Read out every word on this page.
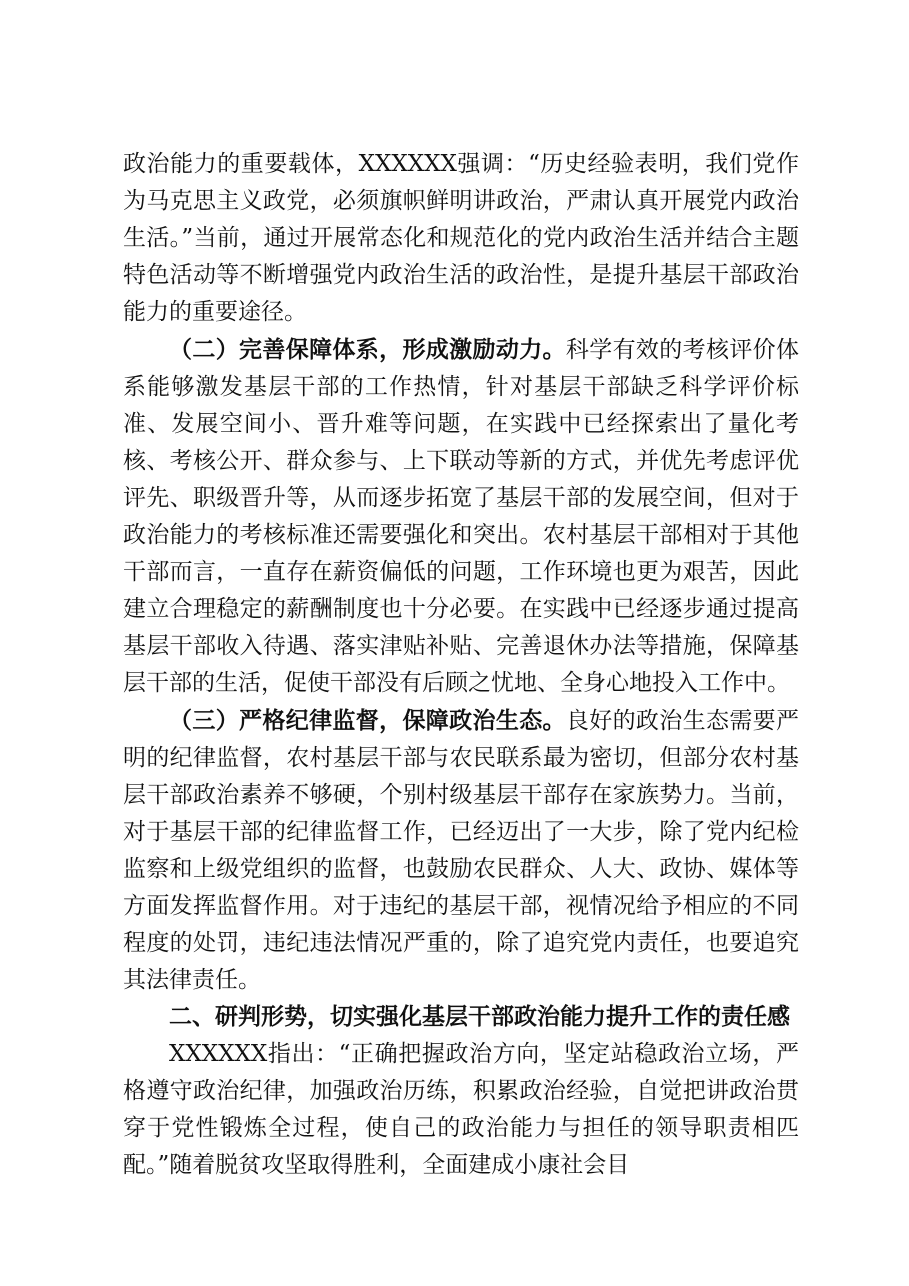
政治能力的重要载体，XXXXXX强调：“历史经验表明，我们党作为马克思主义政党，必须旗帜鲜明讲政治，严肃认真开展党内政治生活。”当前，通过开展常态化和规范化的党内政治生活并结合主题特色活动等不断增强党内政治生活的政治性，是提升基层干部政治能力的重要途径。

（二）完善保障体系，形成激励动力。科学有效的考核评价体系能够激发基层干部的工作热情，针对基层干部缺乏科学评价标准、发展空间小、晋升难等问题，在实践中已经探索出了量化考核、考核公开、群众参与、上下联动等新的方式，并优先考虑评优评先、职级晋升等，从而逐步拓宽了基层干部的发展空间，但对于政治能力的考核标准还需要强化和突出。农村基层干部相对于其他干部而言，一直存在薪资偏低的问题，工作环境也更为艰苦，因此建立合理稳定的薪酬制度也十分必要。在实践中已经逐步通过提高基层干部收入待遇、落实津贴补贴、完善退休办法等措施，保障基层干部的生活，促使干部没有后顾之忧地、全身心地投入工作中。

（三）严格纪律监督，保障政治生态。良好的政治生态需要严明的纪律监督，农村基层干部与农民联系最为密切，但部分农村基层干部政治素养不够硬，个别村级基层干部存在家族势力。当前，对于基层干部的纪律监督工作，已经迈出了一大步，除了党内纪检监察和上级党组织的监督，也鼓励农民群众、人大、政协、媒体等方面发挥监督作用。对于违纪的基层干部，视情况给予相应的不同程度的处罚，违纪违法情况严重的，除了追究党内责任，也要追究其法律责任。

二、研判形势，切实强化基层干部政治能力提升工作的责任感

XXXXXX指出：“正确把握政治方向，坚定站稳政治立场，严格遵守政治纪律，加强政治历练，积累政治经验，自觉把讲政治贯穿于党性锻炼全过程，使自己的政治能力与担任的领导职责相匹配。”随着脱贫攻坚取得胜利，全面建成小康社会目
